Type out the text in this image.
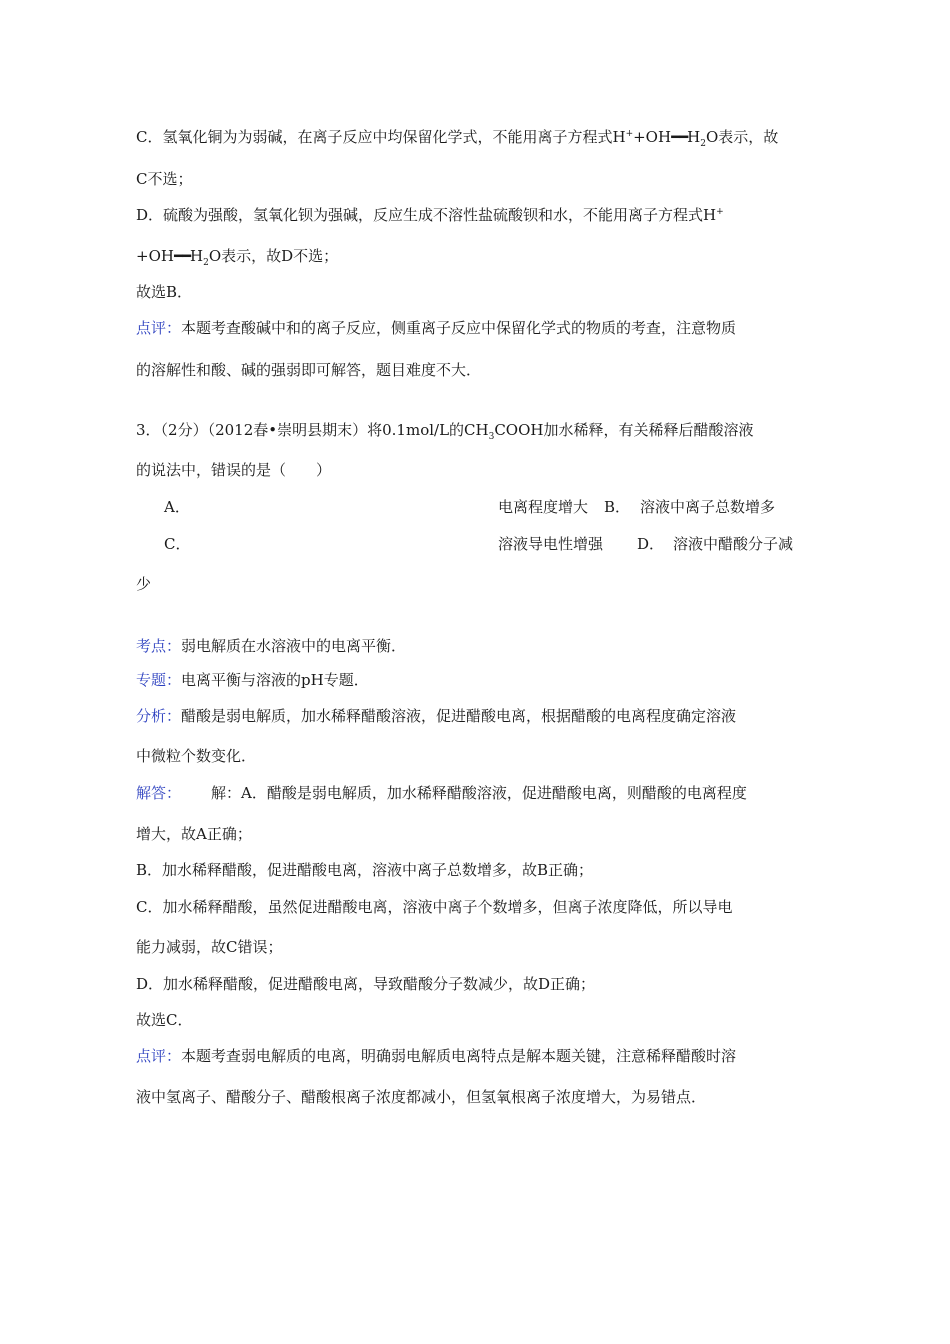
C．氢氧化铜为为弱碱，在离子反应中均保留化学式，不能用离子方程式$H^++OH━━H_2O$表示，故
C不选；
D．硫酸为强酸，氢氧化钡为强碱，反应生成不溶性盐硫酸钡和水，不能用离子方程式H+
$+OH━━H_2O$表示，故D不选；
故选B．
点评：本题考查酸碱中和的离子反应，侧重离子反应中保留化学式的物质的考查，注意物质
的溶解性和酸、碱的强弱即可解答，题目难度不大．
3．（2分）（2012春•崇明县期末）将0.1mol/L的$CH_3COOH$加水稀释，有关稀释后醋酸溶液
的说法中，错误的是（　　）
A．	电离程度增大 B． 溶液中离子总数增多
C．	溶液导电性增强 D． 溶液中醋酸分子减
少
考点：弱电解质在水溶液中的电离平衡．
专题：电离平衡与溶液的pH专题．
分析：醋酸是弱电解质，加水稀释醋酸溶液，促进醋酸电离，根据醋酸的电离程度确定溶液
中微粒个数变化．
解答： 解：A．醋酸是弱电解质，加水稀释醋酸溶液，促进醋酸电离，则醋酸的电离程度
增大，故A正确；
B．加水稀释醋酸，促进醋酸电离，溶液中离子总数增多，故B正确；
C．加水稀释醋酸，虽然促进醋酸电离，溶液中离子个数增多，但离子浓度降低，所以导电
能力减弱，故C错误；
D．加水稀释醋酸，促进醋酸电离，导致醋酸分子数减少，故D正确；
故选C．
点评：本题考查弱电解质的电离，明确弱电解质电离特点是解本题关键，注意稀释醋酸时溶
液中氢离子、醋酸分子、醋酸根离子浓度都减小，但氢氧根离子浓度增大，为易错点．
